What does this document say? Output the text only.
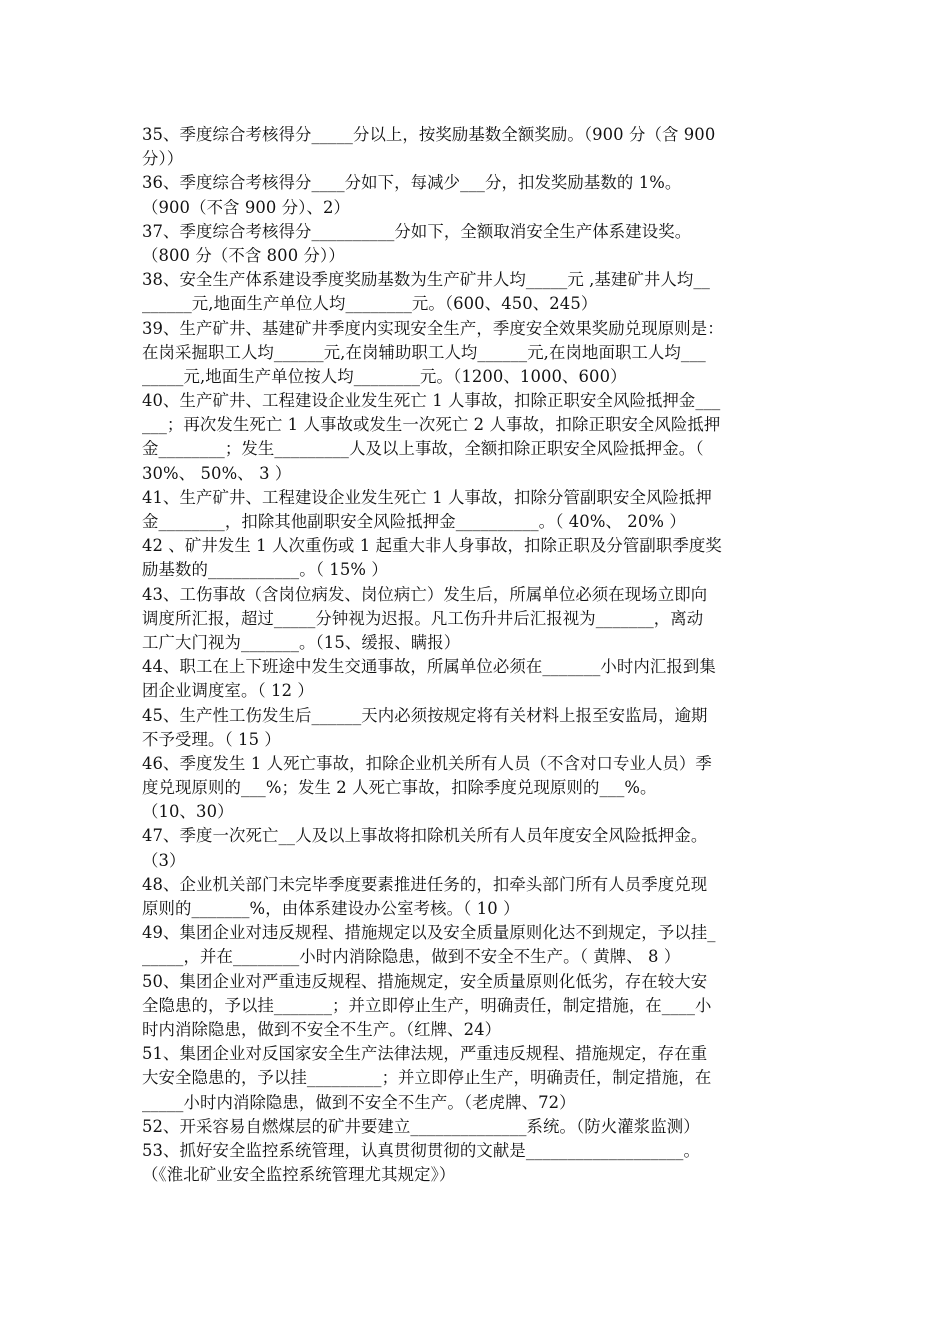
35、季度综合考核得分_____分以上，按奖励基数全额奖励。（900 分（含 900
分））
36、季度综合考核得分____分如下，每减少___分，扣发奖励基数的 1%。
（900（不含 900 分）、2）
37、季度综合考核得分__________分如下，全额取消安全生产体系建设奖。
（800 分（不含 800 分））
38、安全生产体系建设季度奖励基数为生产矿井人均_____元 ,基建矿井人均__
______元,地面生产单位人均________元。（600、450、245）
39、生产矿井、基建矿井季度内实现安全生产，季度安全效果奖励兑现原则是：
在岗采掘职工人均______元,在岗辅助职工人均______元,在岗地面职工人均___
_____元,地面生产单位按人均________元。（1200、1000、600）
40、生产矿井、工程建设企业发生死亡 1 人事故，扣除正职安全风险抵押金___
___；再次发生死亡 1 人事故或发生一次死亡 2 人事故，扣除正职安全风险抵押
金________；发生_________人及以上事故，全额扣除正职安全风险抵押金。（
30%、 50%、 3 ）
41、生产矿井、工程建设企业发生死亡 1 人事故，扣除分管副职安全风险抵押
金________，扣除其他副职安全风险抵押金__________。（ 40%、 20% ）
42 、矿井发生 1 人次重伤或 1 起重大非人身事故，扣除正职及分管副职季度奖
励基数的___________。（ 15% ）
43、工伤事故（含岗位病发、岗位病亡）发生后，所属单位必须在现场立即向
调度所汇报，超过_____分钟视为迟报。凡工伤升井后汇报视为_______，离动
工广大门视为_______。（15、缓报、瞒报）
44、职工在上下班途中发生交通事故，所属单位必须在_______小时内汇报到集
团企业调度室。（ 12 ）
45、生产性工伤发生后______天内必须按规定将有关材料上报至安监局，逾期
不予受理。（ 15 ）
46、季度发生 1 人死亡事故，扣除企业机关所有人员（不含对口专业人员）季
度兑现原则的___%；发生 2 人死亡事故，扣除季度兑现原则的___%。
（10、30）
47、季度一次死亡__人及以上事故将扣除机关所有人员年度安全风险抵押金。
（3）
48、企业机关部门未完毕季度要素推进任务的，扣牵头部门所有人员季度兑现
原则的_______%，由体系建设办公室考核。（ 10 ）
49、集团企业对违反规程、措施规定以及安全质量原则化达不到规定，予以挂_
_____，并在________小时内消除隐患，做到不安全不生产。（ 黄牌、 8 ）
50、集团企业对严重违反规程、措施规定，安全质量原则化低劣，存在较大安
全隐患的，予以挂_______；并立即停止生产，明确责任，制定措施，在____小
时内消除隐患，做到不安全不生产。（红牌、24）
51、集团企业对反国家安全生产法律法规，严重违反规程、措施规定，存在重
大安全隐患的，予以挂_________；并立即停止生产，明确责任，制定措施，在
_____小时内消除隐患，做到不安全不生产。（老虎牌、72）
52、开采容易自燃煤层的矿井要建立______________系统。（防火灌浆监测）
53、抓好安全监控系统管理，认真贯彻贯彻的文献是___________________。
（《淮北矿业安全监控系统管理尤其规定》）
